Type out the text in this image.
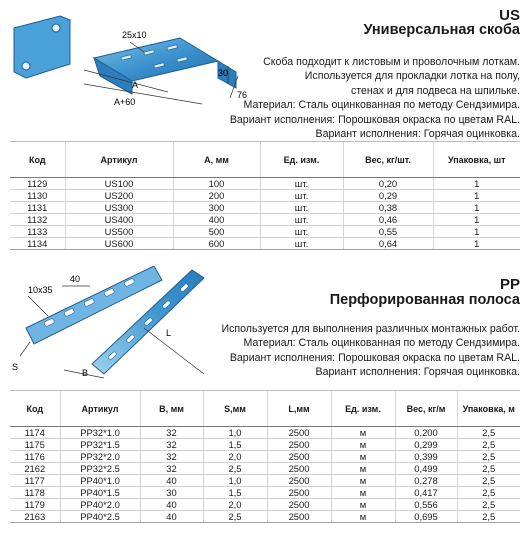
US
Универсальная скоба
25x10
A
A+60
30
76
Скоба подходит к листовым и проволочным лоткам.
Используется для прокладки лотка на полу,
стенах и для подвеса на шпильке.
Материал: Сталь оцинкованная по методу Сендзимира.
Вариант исполнения: Порошковая окраска по цветам RAL.
Вариант исполнения: Горячая оцинковка.
Код	Артикул	A, мм	Ед. изм.	Вес, кг/шт.	Упаковка, шт
1129	US100	100	шт.	0,20	1
1130	US200	200	шт.	0,29	1
1131	US300	300	шт.	0,38	1
1132	US400	400	шт.	0,46	1
1133	US500	500	шт.	0,55	1
1134	US600	600	шт.	0,64	1
PP
Перфорированная полоса
40
10x35
S
B
L	Используется для выполнения различных монтажных работ.
Материал: Сталь оцинкованная по методу Сендзимира.
Вариант исполнения: Порошковая окраска по цветам RAL.
Вариант исполнения: Горячая оцинковка.
Код	Артикул	B, мм	S,мм	L,мм	Ед. изм.	Вес, кг/м	Упаковка, м
1174	PP32*1.0	32	1,0	2500	м	0,200	2,5
1175	PP32*1.5	32	1,5	2500	м	0,299	2,5
1176	PP32*2.0	32	2,0	2500	м	0,399	2,5
2162	PP32*2.5	32	2,5	2500	м	0,499	2,5
1177	PP40*1.0	40	1,0	2500	м	0,278	2,5
1178	PP40*1.5	30	1,5	2500	м	0,417	2,5
1179	PP40*2.0	40	2,0	2500	м	0,556	2,5
2163	PP40*2.5	40	2,5	2500	м	0,695	2,5
